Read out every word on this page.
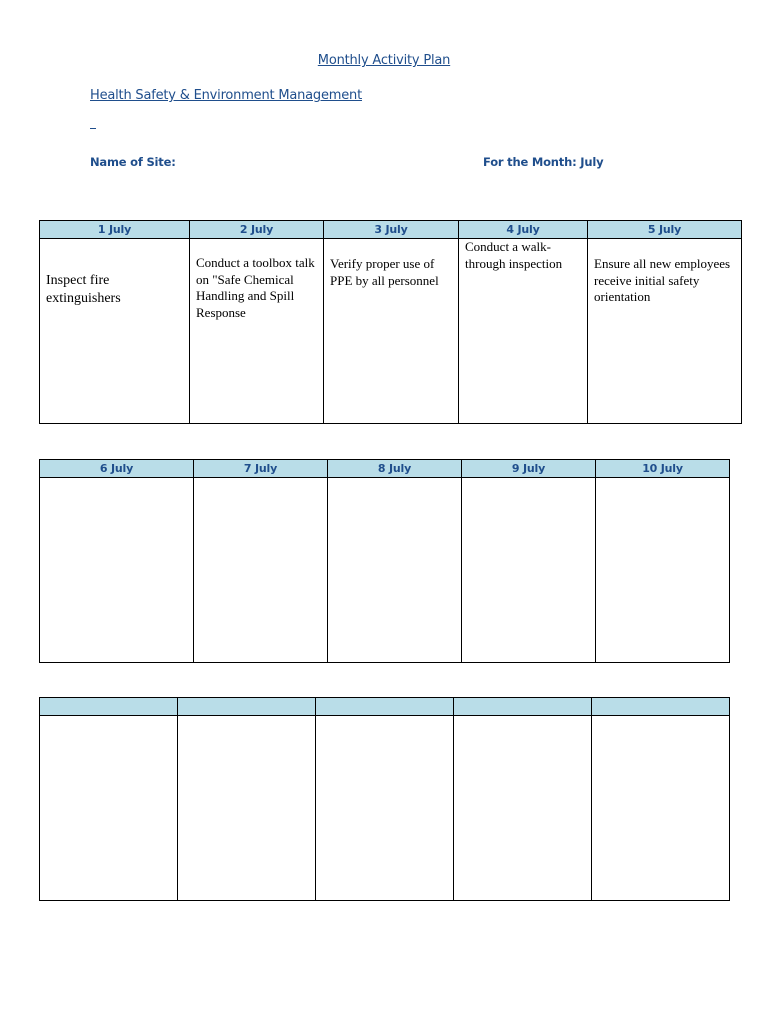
Monthly Activity Plan
Health Safety & Environment Management
Name of Site:	For the Month: July
1 July	2 July	3 July	4 July	5 July

Inspect fire extinguishers	Conduct a toolbox talk on "Safe Chemical Handling and Spill Response	Verify proper use of PPE by all personnel	Conduct a walk-through inspection	Ensure all new employees receive initial safety orientation
6 July	7 July	8 July	9 July	10 July
